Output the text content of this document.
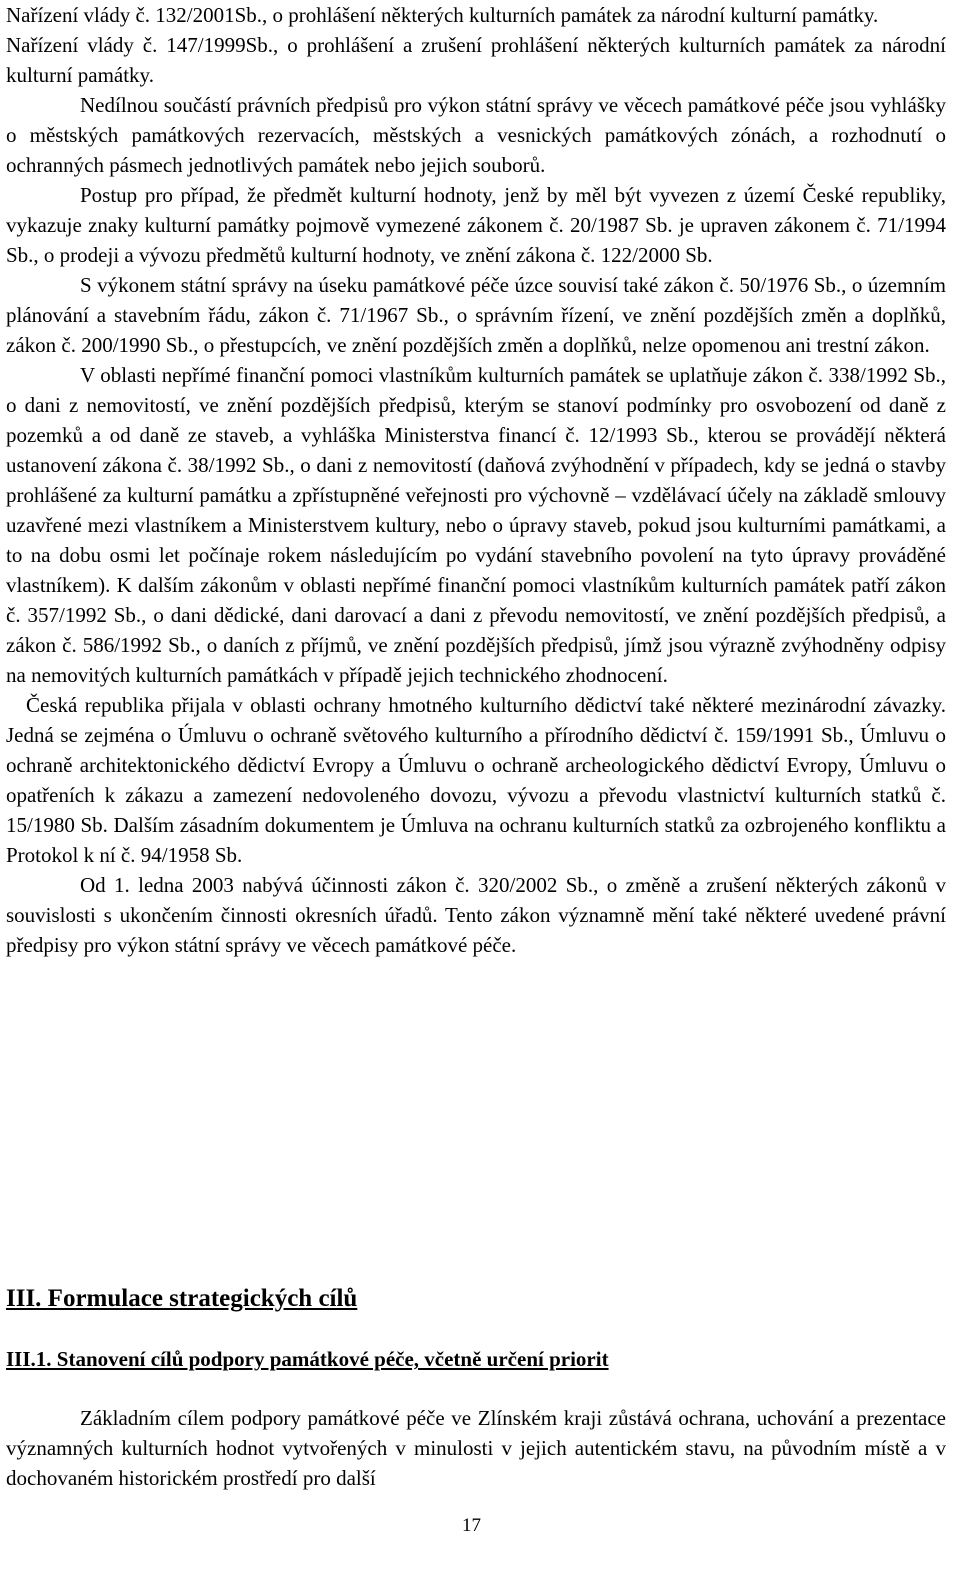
Nařízení vlády č. 132/2001Sb., o prohlášení některých kulturních památek za národní kulturní památky.

Nařízení vlády č. 147/1999Sb., o prohlášení a zrušení prohlášení některých kulturních památek za národní kulturní památky.

Nedílnou součástí právních předpisů pro výkon státní správy ve věcech památkové péče jsou vyhlášky o městských památkových rezervacích, městských a vesnických památkových zónách, a rozhodnutí o ochranných pásmech jednotlivých památek nebo jejich souborů.

Postup pro případ, že předmět kulturní hodnoty, jenž by měl být vyvezen z území České republiky, vykazuje znaky kulturní památky pojmově vymezené zákonem č. 20/1987 Sb. je upraven zákonem č. 71/1994 Sb., o prodeji a vývozu předmětů kulturní hodnoty, ve znění zákona č. 122/2000 Sb.

S výkonem státní správy na úseku památkové péče úzce souvisí také zákon č. 50/1976 Sb., o územním plánování a stavebním řádu, zákon č. 71/1967 Sb., o správním řízení, ve znění pozdějších změn a doplňků, zákon č. 200/1990 Sb., o přestupcích, ve znění pozdějších změn a doplňků, nelze opomenou ani trestní zákon.

V oblasti nepřímé finanční pomoci vlastníkům kulturních památek se uplatňuje zákon č. 338/1992 Sb., o dani z nemovitostí, ve znění pozdějších předpisů, kterým se stanoví podmínky pro osvobození od daně z pozemků a od daně ze staveb, a vyhláška Ministerstva financí č. 12/1993 Sb., kterou se provádějí některá ustanovení zákona č. 38/1992 Sb., o dani z nemovitostí (daňová zvýhodnění v případech, kdy se jedná o stavby prohlášené za kulturní památku a zpřístupněné veřejnosti pro výchovně – vzdělávací účely na základě smlouvy uzavřené mezi vlastníkem a Ministerstvem kultury, nebo o úpravy staveb, pokud jsou kulturními památkami, a to na dobu osmi let počínaje rokem následujícím po vydání stavebního povolení na tyto úpravy prováděné vlastníkem). K dalším zákonům v oblasti nepřímé finanční pomoci vlastníkům kulturních památek patří zákon č. 357/1992 Sb., o dani dědické, dani darovací a dani z převodu nemovitostí, ve znění pozdějších předpisů, a zákon č. 586/1992 Sb., o daních z příjmů, ve znění pozdějších předpisů, jímž jsou výrazně zvýhodněny odpisy na nemovitých kulturních památkách v případě jejich technického zhodnocení.

Česká republika přijala v oblasti ochrany hmotného kulturního dědictví také některé mezinárodní závazky. Jedná se zejména o Úmluvu o ochraně světového kulturního a přírodního dědictví č. 159/1991 Sb., Úmluvu o ochraně architektonického dědictví Evropy a Úmluvu o ochraně archeologického dědictví Evropy, Úmluvu o opatřeních k zákazu a zamezení nedovoleného dovozu, vývozu a převodu vlastnictví kulturních statků č. 15/1980 Sb. Dalším zásadním dokumentem je Úmluva na ochranu kulturních statků za ozbrojeného konfliktu a Protokol k ní č. 94/1958 Sb.

Od 1. ledna 2003 nabývá účinnosti zákon č. 320/2002 Sb., o změně a zrušení některých zákonů v souvislosti s ukončením činnosti okresních úřadů. Tento zákon významně mění také některé uvedené právní předpisy pro výkon státní správy ve věcech památkové péče.

III. Formulace strategických cílů

III.1. Stanovení cílů podpory památkové péče, včetně určení priorit

Základním cílem podpory památkové péče ve Zlínském kraji zůstává ochrana, uchování a prezentace významných kulturních hodnot vytvořených v minulosti v jejich autentickém stavu, na původním místě a v dochovaném historickém prostředí pro další

17
